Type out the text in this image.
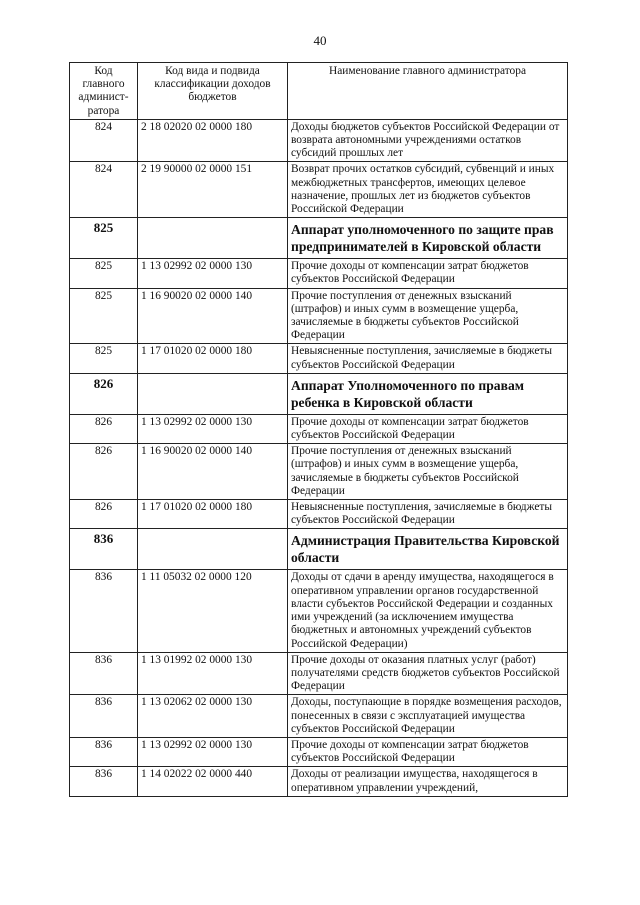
40
Код главного админист-ратора	Код вида и подвида классификации доходов бюджетов	Наименование главного администратора
824	2 18 02020 02 0000 180	Доходы бюджетов субъектов Российской Федерации от возврата автономными учреждениями остатков субсидий прошлых лет
824	2 19 90000 02 0000 151	Возврат прочих остатков субсидий, субвенций и иных межбюджетных трансфертов, имеющих целевое назначение, прошлых лет из бюджетов субъектов Российской Федерации
825		Аппарат уполномоченного по защите прав предпринимателей в Кировской области
825	1 13 02992 02 0000 130	Прочие доходы от компенсации затрат бюджетов субъектов Российской Федерации
825	1 16 90020 02 0000 140	Прочие поступления от денежных взысканий (штрафов) и иных сумм в возмещение ущерба, зачисляемые в бюджеты субъектов Российской Федерации
825	1 17 01020 02 0000 180	Невыясненные поступления, зачисляемые в бюджеты субъектов Российской Федерации
826		Аппарат Уполномоченного по правам ребенка в Кировской области
826	1 13 02992 02 0000 130	Прочие доходы от компенсации затрат бюджетов субъектов Российской Федерации
826	1 16 90020 02 0000 140	Прочие поступления от денежных взысканий (штрафов) и иных сумм в возмещение ущерба, зачисляемые в бюджеты субъектов Российской Федерации
826	1 17 01020 02 0000 180	Невыясненные поступления, зачисляемые в бюджеты субъектов Российской Федерации
836		Администрация Правительства Кировской области
836	1 11 05032 02 0000 120	Доходы от сдачи в аренду имущества, находящегося в оперативном управлении органов государственной власти субъектов Российской Федерации и созданных ими учреждений (за исключением имущества бюджетных и автономных учреждений субъектов Российской Федерации)
836	1 13 01992 02 0000 130	Прочие доходы от оказания платных услуг (работ) получателями средств бюджетов субъектов Российской Федерации
836	1 13 02062 02 0000 130	Доходы, поступающие в порядке возмещения расходов, понесенных в связи с эксплуатацией имущества субъектов Российской Федерации
836	1 13 02992 02 0000 130	Прочие доходы от компенсации затрат бюджетов субъектов Российской Федерации
836	1 14 02022 02 0000 440	Доходы от реализации имущества, находящегося в оперативном управлении учреждений,
